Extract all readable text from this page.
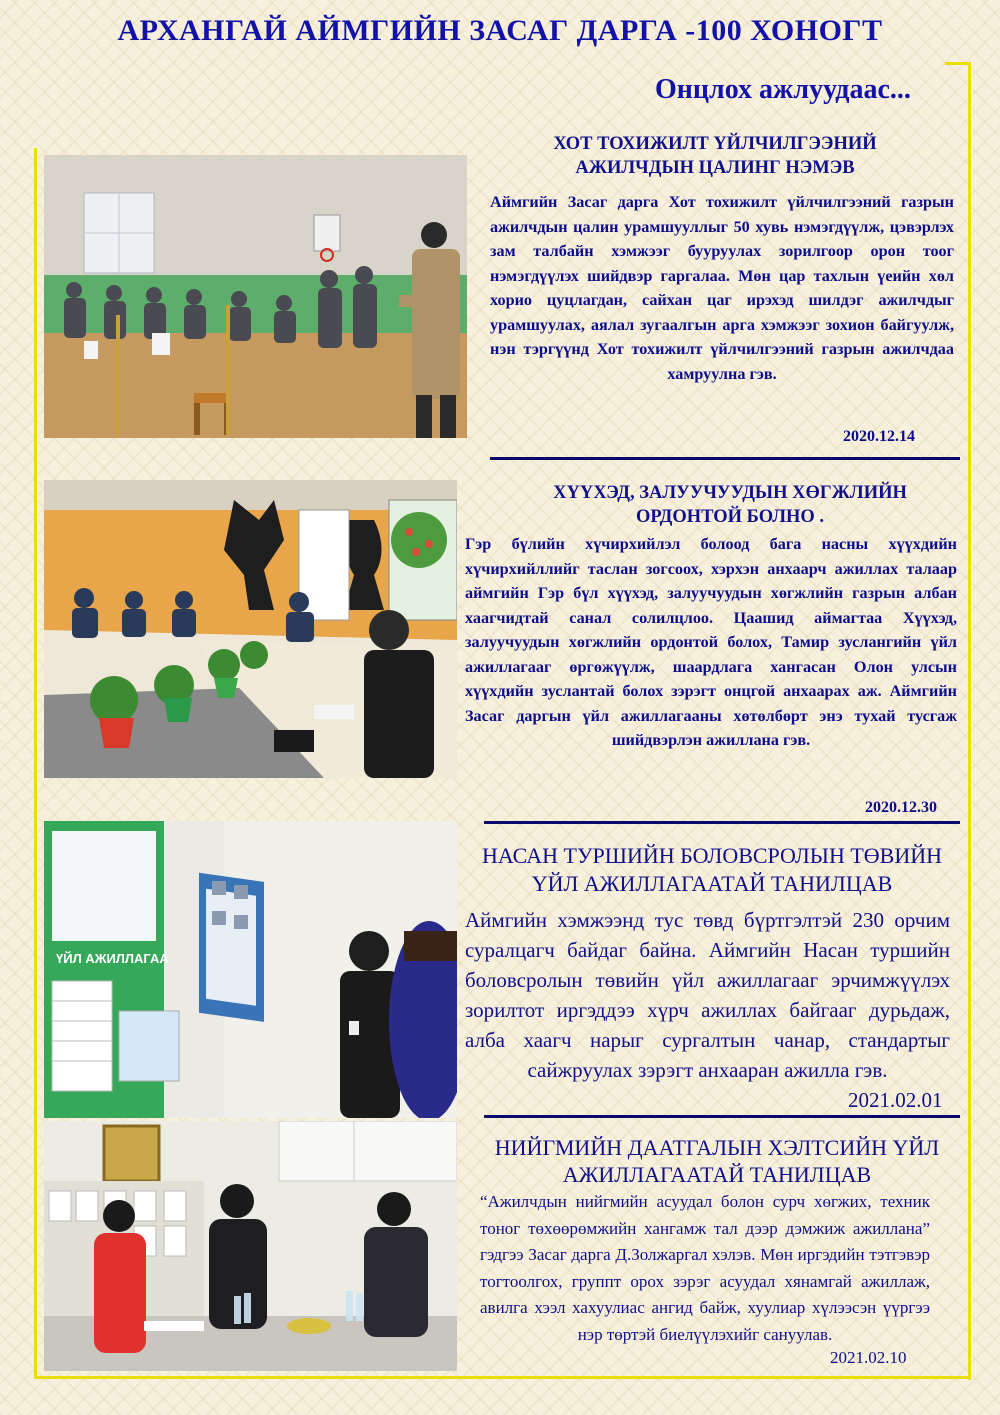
АРХАНГАЙ АЙМГИЙН ЗАСАГ ДАРГА -100 ХОНОГТ
Онцлох ажлуудаас...
ХОТ ТОХИЖИЛТ ҮЙЛЧИЛГЭЭНИЙ
АЖИЛЧДЫН ЦАЛИНГ НЭМЭВ
Аймгийн Засаг дарга Хот тохижилт үйлчилгээний газрын ажилчдын цалин урамшууллыг 50 хувь нэмэгдүүлж, цэвэрлэх зам талбайн хэмжээг бууруулах зорилгоор орон тоог нэмэгдүүлэх шийдвэр гаргалаа. Мөн цар тахлын үеийн хөл хорио цуцлагдан, сайхан цаг ирэхэд шилдэг ажилчдыг урамшуулах, аялал зугаалгын арга хэмжээг зохион байгуулж, нэн тэргүүнд Хот тохижилт үйлчилгээний газрын ажилчдаа хамруулна гэв.
2020.12.14
ХҮҮХЭД, ЗАЛУУЧУУДЫН ХӨГЖЛИЙН
ОРДОНТОЙ БОЛНО .
Гэр бүлийн хүчирхийлэл болоод бага насны хүүхдийн хүчирхийллийг таслан зогсоох, хэрхэн анхаарч ажиллах талаар аймгийн Гэр бүл хүүхэд, залуучуудын хөгжлийн газрын албан хаагчидтай санал солилцлоо. Цаашид аймагтаа Хүүхэд, залуучуудын хөгжлийн ордонтой болох, Тамир зуслангийн үйл ажиллагааг өргөжүүлж, шаардлага хангасан Олон улсын хүүхдийн зуслантай болох зэрэгт онцгой анхаарах аж. Аймгийн Засаг даргын үйл ажиллагааны хөтөлбөрт энэ тухай тусгаж шийдвэрлэн ажиллана гэв.
2020.12.30
ҮЙЛ АЖИЛЛАГАА
НАСАН ТУРШИЙН БОЛОВСРОЛЫН ТӨВИЙН
ҮЙЛ АЖИЛЛАГААТАЙ ТАНИЛЦАВ
Аймгийн хэмжээнд тус төвд бүртгэлтэй 230 орчим суралцагч байдаг байна. Аймгийн Насан туршийн боловсролын төвийн үйл ажиллагааг эрчимжүүлэх зорилтот иргэддээ хүрч ажиллах байгааг дурьдаж, алба хаагч нарыг сургалтын чанар, стандартыг сайжруулах зэрэгт анхааран ажилла гэв.
2021.02.01
НИЙГМИЙН ДААТГАЛЫН ХЭЛТСИЙН ҮЙЛ
АЖИЛЛАГААТАЙ ТАНИЛЦАВ
“Ажилчдын нийгмийн асуудал болон сурч хөгжих, техник тоног төхөөрөмжийн хангамж тал дээр дэмжиж ажиллана” гэдгээ Засаг дарга Д.Золжаргал хэлэв. Мөн иргэдийн тэтгэвэр тогтоолгох, группт орох зэрэг асуудал хянамгай ажиллаж, авилга хээл хахуулиас ангид байж, хуулиар хүлээсэн үүргээ нэр төртэй биелүүлэхийг сануулав.
2021.02.10
